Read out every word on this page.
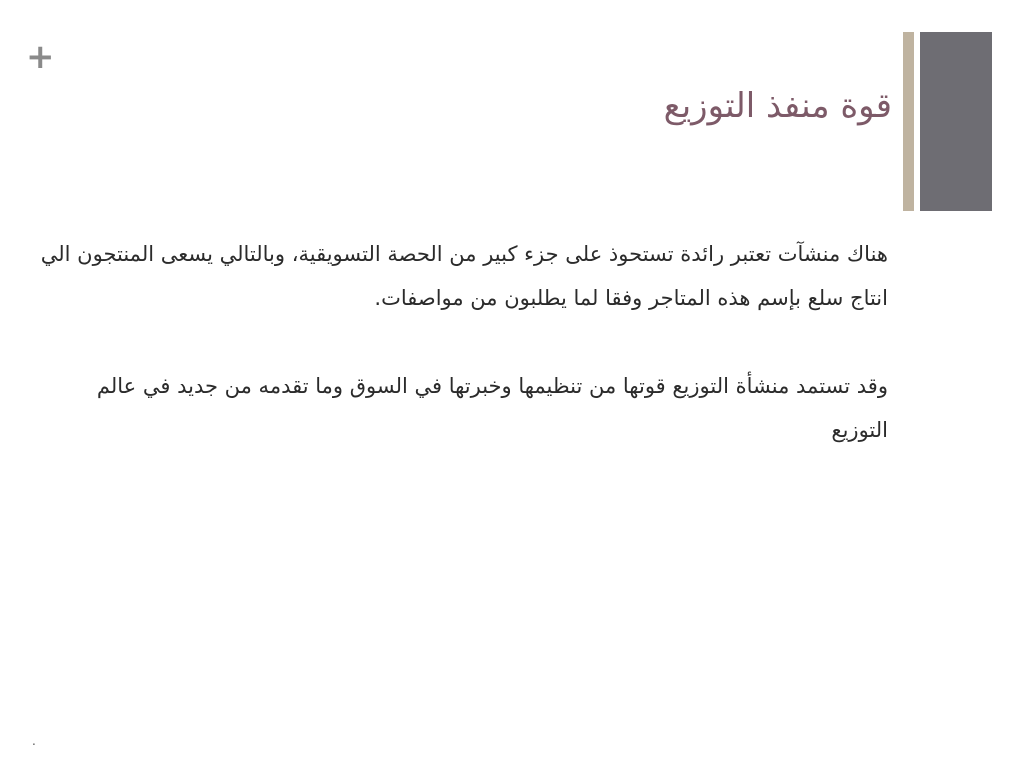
+
قوة منفذ التوزيع

هناك منشآت تعتبر رائدة تستحوذ على جزء كبير من الحصة التسويقية، وبالتالي يسعى المنتجون الي انتاج سلع بإسم هذه المتاجر وفقا لما يطلبون من مواصفات.

وقد تستمد منشأة التوزيع قوتها من تنظيمها وخبرتها في السوق وما تقدمه من جديد في عالم التوزيع

.
